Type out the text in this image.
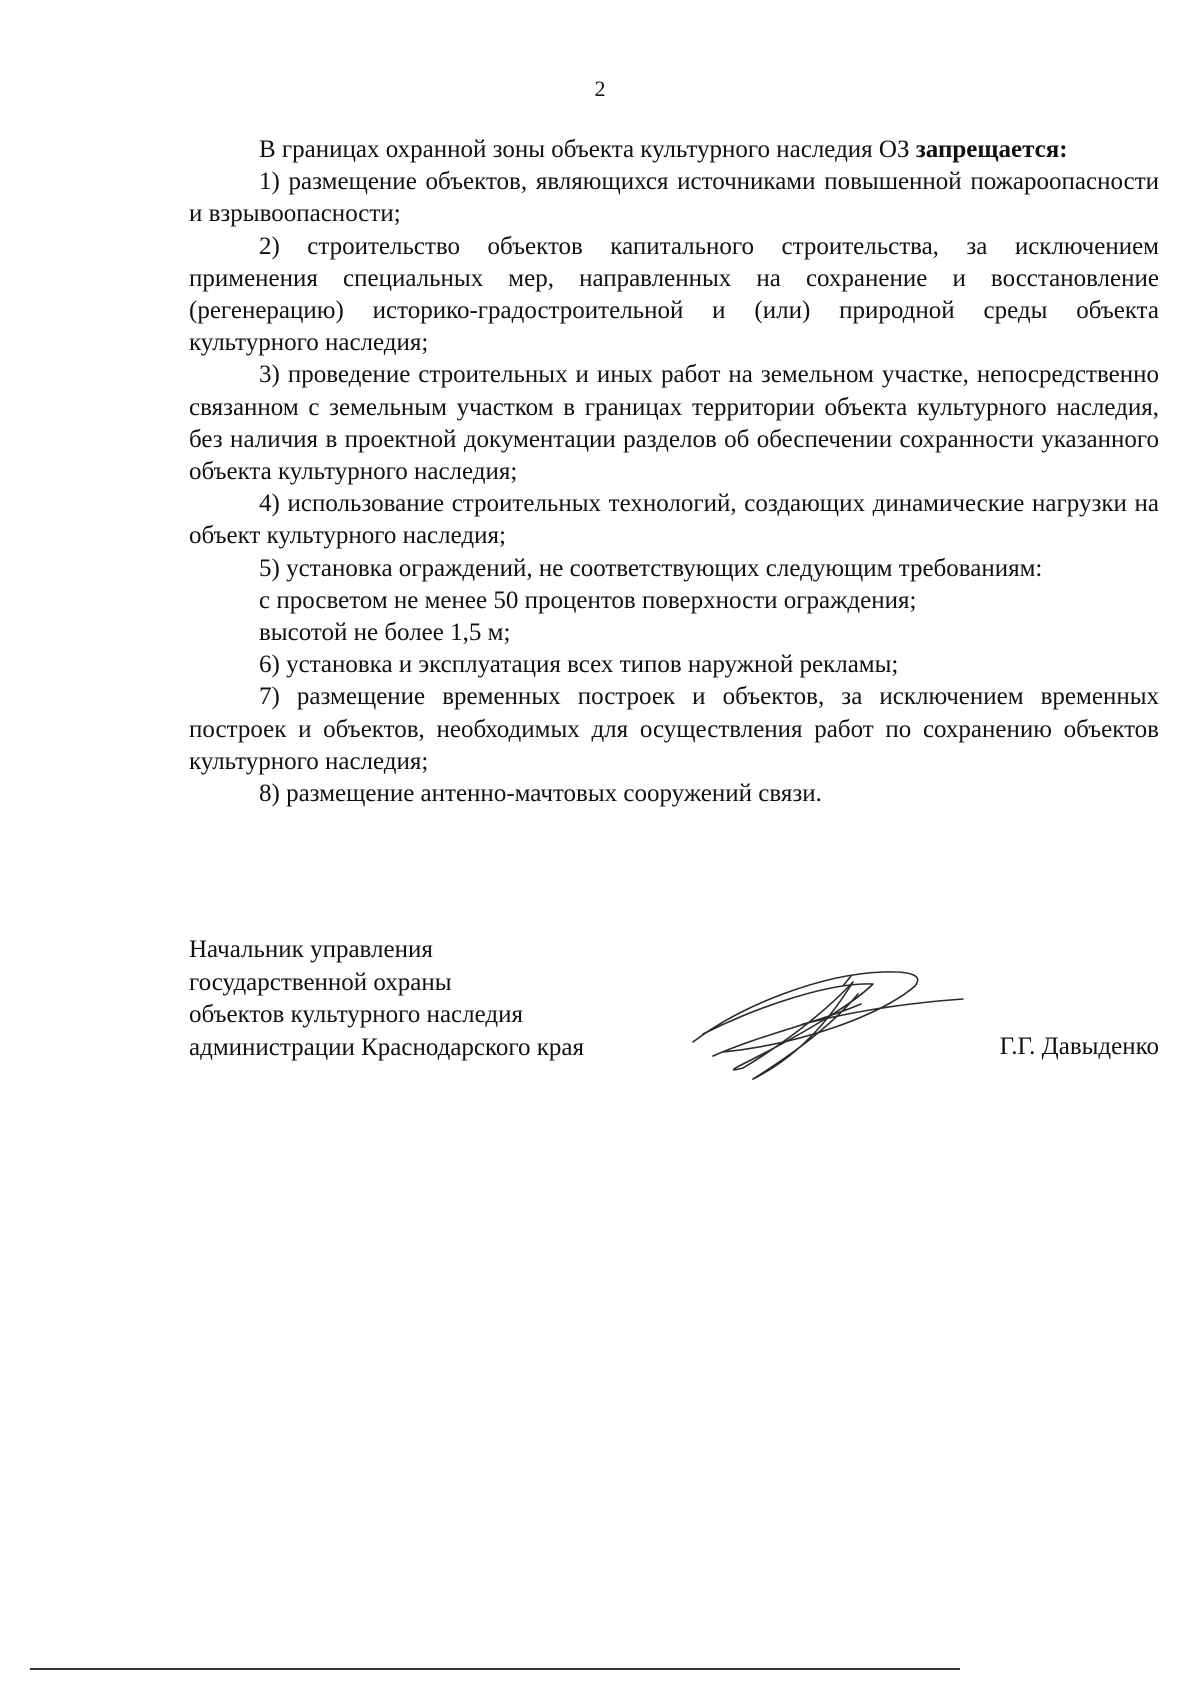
2

В границах охранной зоны объекта культурного наследия ОЗ запрещается:

1) размещение объектов, являющихся источниками повышенной пожароопасности и взрывоопасности;

2) строительство объектов капитального строительства, за исключением применения специальных мер, направленных на сохранение и восстановление (регенерацию) историко-градостроительной и (или) природной среды объекта культурного наследия;

3) проведение строительных и иных работ на земельном участке, непосредственно связанном с земельным участком в границах территории объекта культурного наследия, без наличия в проектной документации разделов об обеспечении сохранности указанного объекта культурного наследия;

4) использование строительных технологий, создающих динамические нагрузки на объект культурного наследия;

5) установка ограждений, не соответствующих следующим требованиям:

с просветом не менее 50 процентов поверхности ограждения;

высотой не более 1,5 м;

6) установка и эксплуатация всех типов наружной рекламы;

7) размещение временных построек и объектов, за исключением временных построек и объектов, необходимых для осуществления работ по сохранению объектов культурного наследия;

8) размещение антенно-мачтовых сооружений связи.

Начальник управления
государственной охраны
объектов культурного наследия
администрации Краснодарского края	Г.Г. Давыденко
